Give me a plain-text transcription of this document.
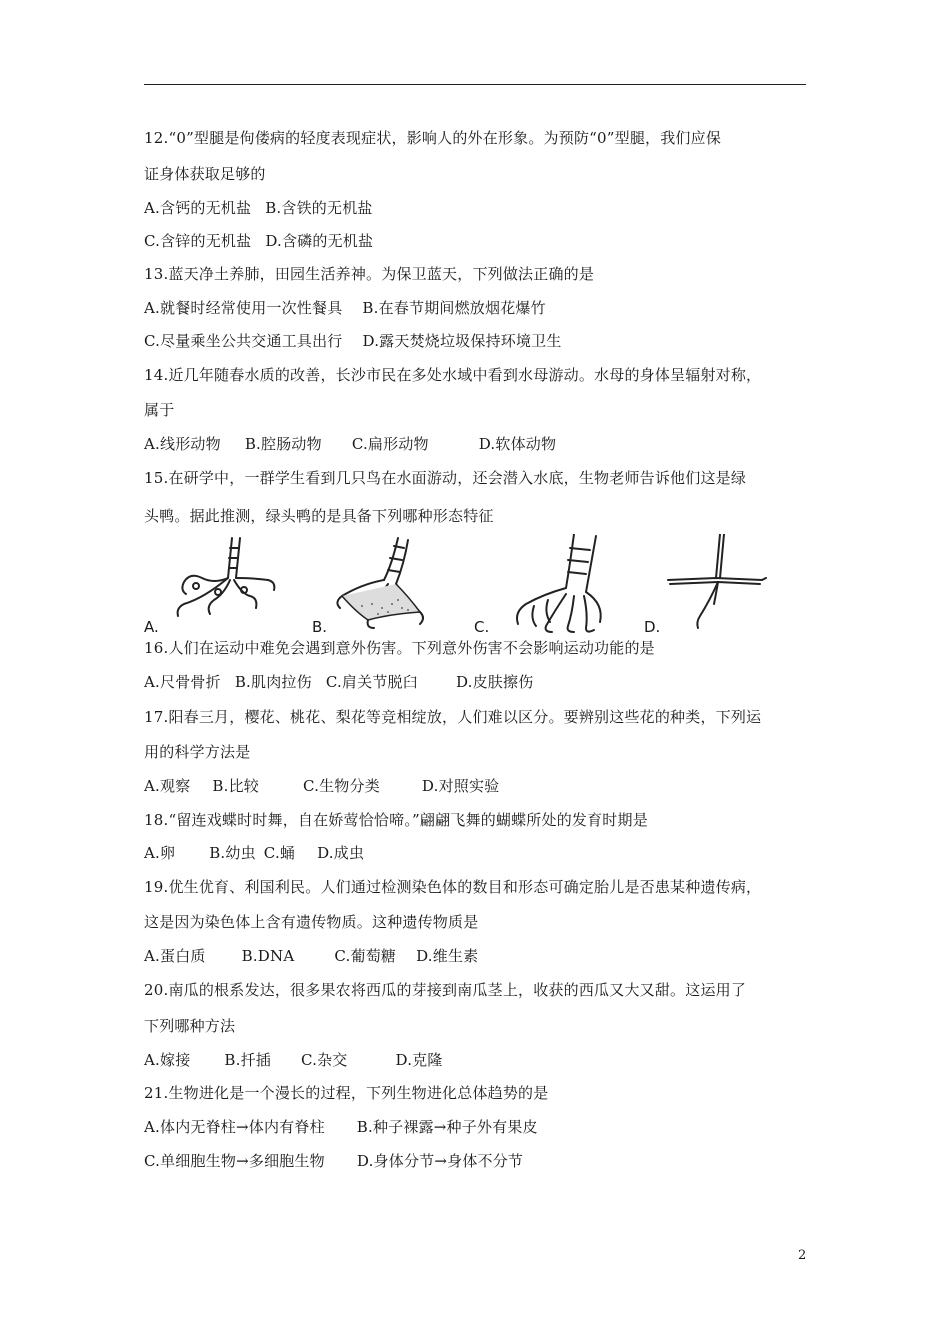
12.“0”型腿是佝偻病的轻度表现症状，影响人的外在形象。为预防“0”型腿，我们应保
证身体获取足够的
A.含钙的无机盐 B.含铁的无机盐
C.含锌的无机盐 D.含磷的无机盐
13.蓝天净土养肺，田园生活养神。为保卫蓝天，下列做法正确的是
A.就餐时经常使用一次性餐具 B.在春节期间燃放烟花爆竹
C.尽量乘坐公共交通工具出行 D.露天焚烧垃圾保持环境卫生
14.近几年随春水质的改善，长沙市民在多处水域中看到水母游动。水母的身体呈辐射对称，
属于
A.线形动物 B.腔肠动物 C.扁形动物	D.软体动物
15.在研学中，一群学生看到几只鸟在水面游动，还会潜入水底，生物老师告诉他们这是绿
头鸭。据此推测，绿头鸭的是具备下列哪种形态特征
A.	B.	C.	D.
16.人们在运动中难免会遇到意外伤害。下列意外伤害不会影响运动功能的是
A.尺骨骨折 B.肌肉拉伤 C.肩关节脱臼	D.皮肤擦伤
17.阳春三月，樱花、桃花、梨花等竞相绽放，人们难以区分。要辨别这些花的种类，下列运
用的科学方法是
A.观察 B.比较	C.生物分类	D.对照实验
18.“留连戏蝶时时舞，自在娇莺恰恰啼。”翩翩飞舞的蝴蝶所处的发育时期是
A.卵 B.幼虫 C.蛹 D.成虫
19.优生优育、利国利民。人们通过检测染色体的数目和形态可确定胎儿是否患某种遗传病，
这是因为染色体上含有遗传物质。这种遗传物质是
A.蛋白质 B.DNA	C.葡萄糖 D.维生素
20.南瓜的根系发达，很多果农将西瓜的芽接到南瓜茎上，收获的西瓜又大又甜。这运用了
下列哪种方法
A.嫁接 B.扦插 C.杂交	D.克隆
21.生物进化是一个漫长的过程，下列生物进化总体趋势的是
A.体内无脊柱→体内有脊柱 B.种子裸露→种子外有果皮
C.单细胞生物→多细胞生物 D.身体分节→身体不分节
2
